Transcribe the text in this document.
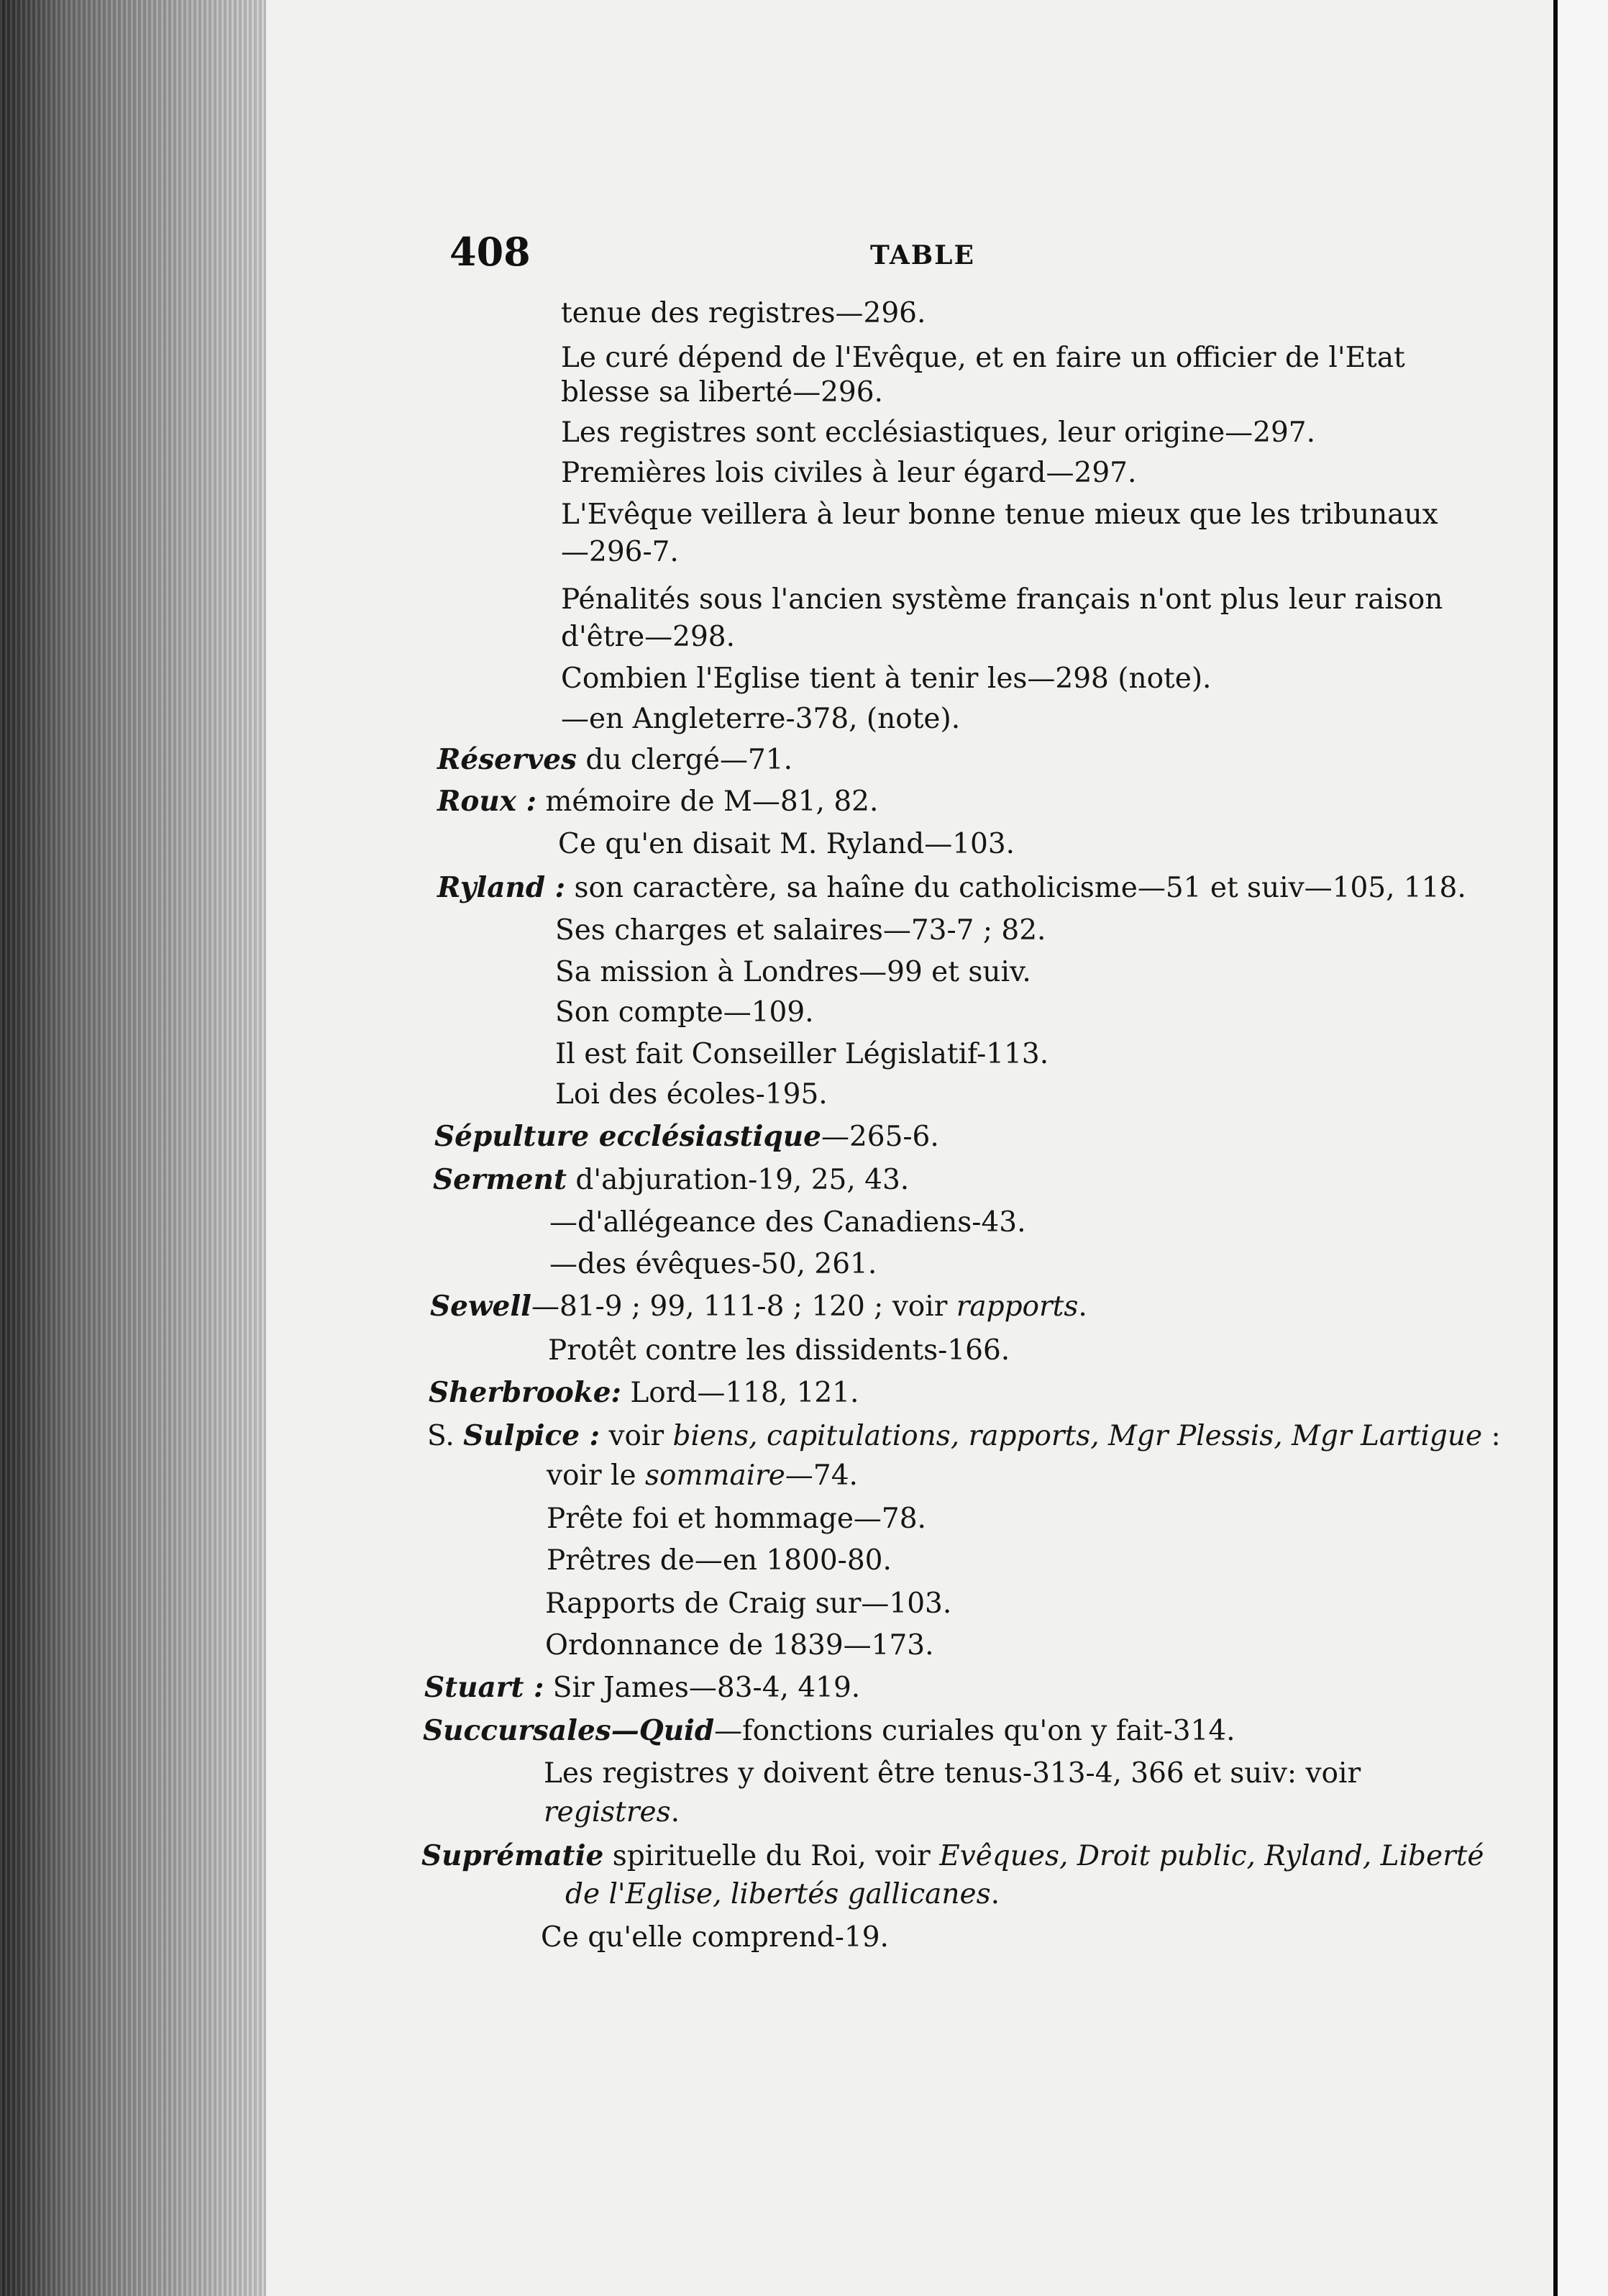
408	TABLE
tenue des registres—296.
Le curé dépend de l'Evêque, et en faire un officier de l'Etat
blesse sa liberté—296.
Les registres sont ecclésiastiques, leur origine—297.
Premières lois civiles à leur égard—297.
L'Evêque veillera à leur bonne tenue mieux que les tribunaux
—296-7.
Pénalités sous l'ancien système français n'ont plus leur raison
d'être—298.
Combien l'Eglise tient à tenir les—298 (note).
—en Angleterre-378, (note).
Réserves du clergé—71.
Roux : mémoire de M—81, 82.
Ce qu'en disait M. Ryland—103.
Ryland : son caractère, sa haîne du catholicisme—51 et suiv—105, 118.
Ses charges et salaires—73-7 ; 82.
Sa mission à Londres—99 et suiv.
Son compte—109.
Il est fait Conseiller Législatif-113.
Loi des écoles-195.
Sépulture ecclésiastique—265-6.
Serment d'abjuration-19, 25, 43.
—d'allégeance des Canadiens-43.
—des évêques-50, 261.
Sewell—81-9 ; 99, 111-8 ; 120 ; voir rapports.
Protêt contre les dissidents-166.
Sherbrooke: Lord—118, 121.
S. Sulpice : voir biens, capitulations, rapports, Mgr Plessis, Mgr Lartigue :
voir le sommaire—74.
Prête foi et hommage—78.
Prêtres de—en 1800-80.
Rapports de Craig sur—103.
Ordonnance de 1839—173.
Stuart : Sir James—83-4, 419.
Succursales—Quid—fonctions curiales qu'on y fait-314.
Les registres y doivent être tenus-313-4, 366 et suiv: voir
registres.
Suprématie spirituelle du Roi, voir Evêques, Droit public, Ryland, Liberté
de l'Eglise, libertés gallicanes.
Ce qu'elle comprend-19.
